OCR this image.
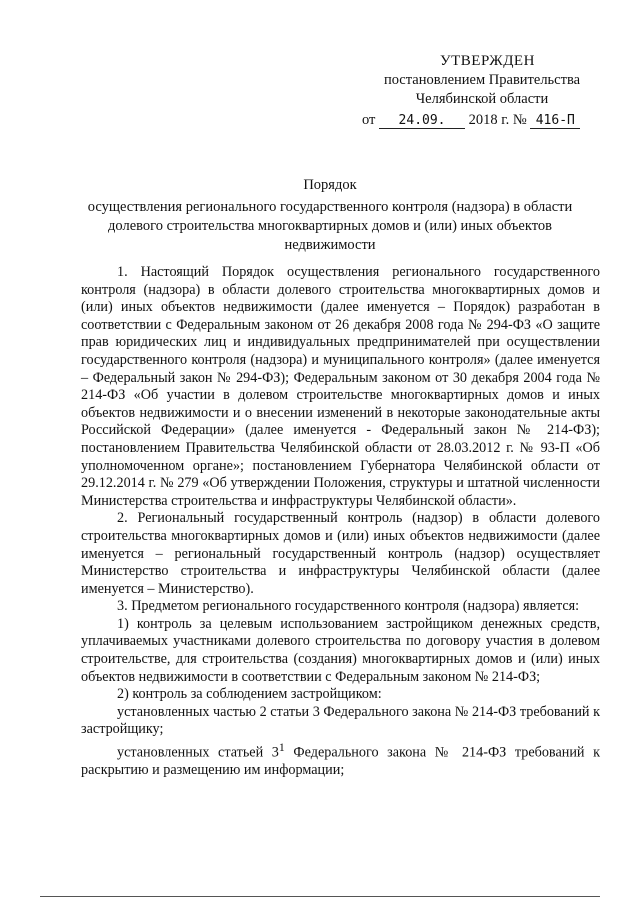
УТВЕРЖДЕН
постановлением Правительства
Челябинской области
от 24.09. 2018 г. № 416-П
Порядок
осуществления регионального государственного контроля (надзора) в области долевого строительства многоквартирных домов и (или) иных объектов недвижимости

1. Настоящий Порядок осуществления регионального государственного контроля (надзора) в области долевого строительства многоквартирных домов и (или) иных объектов недвижимости (далее именуется – Порядок) разработан в соответствии с Федеральным законом от 26 декабря 2008 года № 294-ФЗ «О защите прав юридических лиц и индивидуальных предпринимателей при осуществлении государственного контроля (надзора) и муниципального контроля» (далее именуется – Федеральный закон № 294-ФЗ); Федеральным законом от 30 декабря 2004 года № 214-ФЗ «Об участии в долевом строительстве многоквартирных домов и иных объектов недвижимости и о внесении изменений в некоторые законодательные акты Российской Федерации» (далее именуется - Федеральный закон № 214-ФЗ); постановлением Правительства Челябинской области от 28.03.2012 г. № 93-П «Об уполномоченном органе»; постановлением Губернатора Челябинской области от 29.12.2014 г. № 279 «Об утверждении Положения, структуры и штатной численности Министерства строительства и инфраструктуры Челябинской области».

2. Региональный государственный контроль (надзор) в области долевого строительства многоквартирных домов и (или) иных объектов недвижимости (далее именуется – региональный государственный контроль (надзор) осуществляет Министерство строительства и инфраструктуры Челябинской области (далее именуется – Министерство).

3. Предметом регионального государственного контроля (надзора) является:

1) контроль за целевым использованием застройщиком денежных средств, уплачиваемых участниками долевого строительства по договору участия в долевом строительстве, для строительства (создания) многоквартирных домов и (или) иных объектов недвижимости в соответствии с Федеральным законом № 214-ФЗ;

2) контроль за соблюдением застройщиком:

установленных частью 2 статьи 3 Федерального закона № 214-ФЗ требований к застройщику;

установленных статьей $3^1$ Федерального закона № 214-ФЗ требований к раскрытию и размещению им информации;
